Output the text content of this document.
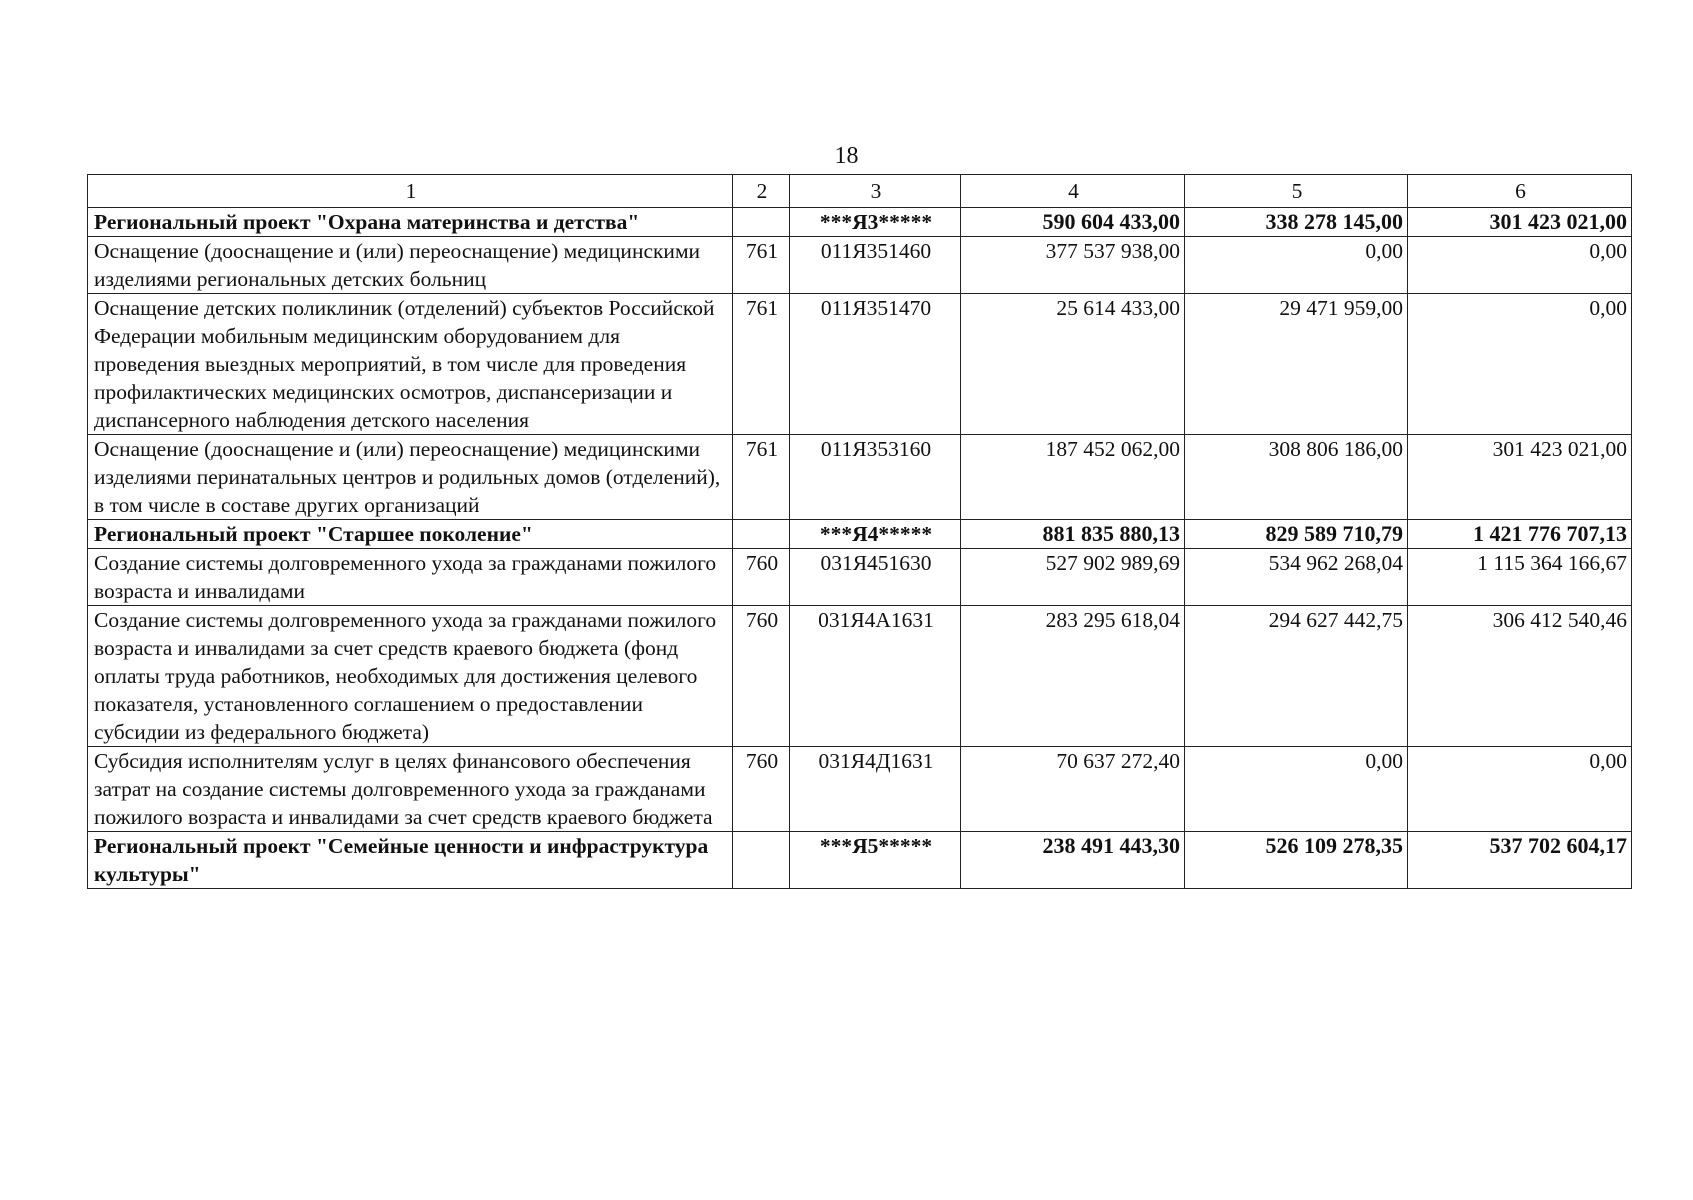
18
1	2	3	4	5	6
Региональный проект "Охрана материнства и детства"		***Я3*****	590 604 433,00	338 278 145,00	301 423 021,00
Оснащение (дооснащение и (или) переоснащение) медицинскими изделиями региональных детских больниц	761	011Я351460	377 537 938,00	0,00	0,00
Оснащение детских поликлиник (отделений) субъектов Российской Федерации мобильным медицинским оборудованием для проведения выездных мероприятий, в том числе для проведения профилактических медицинских осмотров, диспансеризации и диспансерного наблюдения детского населения	761	011Я351470	25 614 433,00	29 471 959,00	0,00
Оснащение (дооснащение и (или) переоснащение) медицинскими изделиями перинатальных центров и родильных домов (отделений), в том числе в составе других организаций	761	011Я353160	187 452 062,00	308 806 186,00	301 423 021,00
Региональный проект "Старшее поколение"		***Я4*****	881 835 880,13	829 589 710,79	1 421 776 707,13
Создание системы долговременного ухода за гражданами пожилого возраста и инвалидами	760	031Я451630	527 902 989,69	534 962 268,04	1 115 364 166,67
Создание системы долговременного ухода за гражданами пожилого возраста и инвалидами за счет средств краевого бюджета (фонд оплаты труда работников, необходимых для достижения целевого показателя, установленного соглашением о предоставлении субсидии из федерального бюджета)	760	031Я4А1631	283 295 618,04	294 627 442,75	306 412 540,46
Субсидия исполнителям услуг в целях финансового обеспечения затрат на создание системы долговременного ухода за гражданами пожилого возраста и инвалидами за счет средств краевого бюджета	760	031Я4Д1631	70 637 272,40	0,00	0,00
Региональный проект "Семейные ценности и инфраструктура культуры"		***Я5*****	238 491 443,30	526 109 278,35	537 702 604,17
